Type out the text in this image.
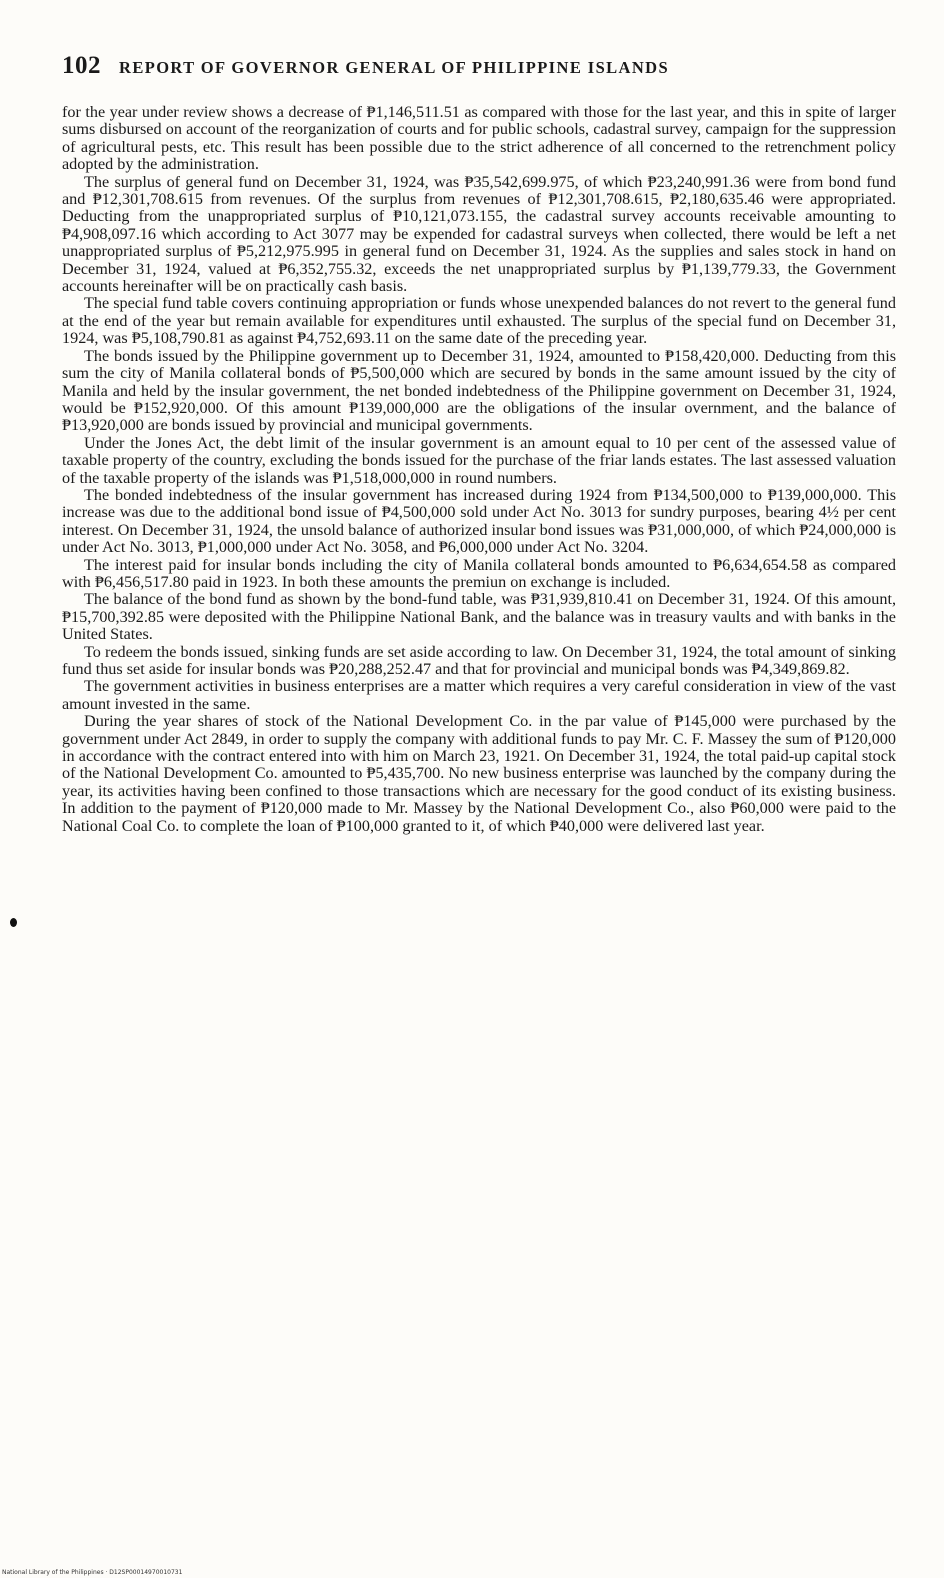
102 REPORT OF GOVERNOR GENERAL OF PHILIPPINE ISLANDS

for the year under review shows a decrease of ₱1,146,511.51 as compared with those for the last year, and this in spite of larger sums disbursed on account of the reorganization of courts and for public schools, cadastral survey, campaign for the suppression of agricultural pests, etc. This result has been possible due to the strict adherence of all concerned to the retrenchment policy adopted by the administration.

The surplus of general fund on December 31, 1924, was ₱35,542,699.975, of which ₱23,240,991.36 were from bond fund and ₱12,301,708.615 from revenues. Of the surplus from revenues of ₱12,301,708.615, ₱2,180,635.46 were appropriated. Deducting from the unappropriated surplus of ₱10,121,073.155, the cadastral survey accounts receivable amounting to ₱4,908,097.16 which according to Act 3077 may be expended for cadastral surveys when collected, there would be left a net unappropriated surplus of ₱5,212,975.995 in general fund on December 31, 1924. As the supplies and sales stock in hand on December 31, 1924, valued at ₱6,352,755.32, exceeds the net unappropriated surplus by ₱1,139,779.33, the Government accounts hereinafter will be on practically cash basis.

The special fund table covers continuing appropriation or funds whose unexpended balances do not revert to the general fund at the end of the year but remain available for expenditures until exhausted. The surplus of the special fund on December 31, 1924, was ₱5,108,790.81 as against ₱4,752,693.11 on the same date of the preceding year.

The bonds issued by the Philippine government up to December 31, 1924, amounted to ₱158,420,000. Deducting from this sum the city of Manila collateral bonds of ₱5,500,000 which are secured by bonds in the same amount issued by the city of Manila and held by the insular government, the net bonded indebtedness of the Philippine government on December 31, 1924, would be ₱152,920,000. Of this amount ₱139,000,000 are the obligations of the insular overnment, and the balance of ₱13,920,000 are bonds issued by provincial and municipal governments.

Under the Jones Act, the debt limit of the insular government is an amount equal to 10 per cent of the assessed value of taxable property of the country, excluding the bonds issued for the purchase of the friar lands estates. The last assessed valuation of the taxable property of the islands was ₱1,518,000,000 in round numbers.

The bonded indebtedness of the insular government has increased during 1924 from ₱134,500,000 to ₱139,000,000. This increase was due to the additional bond issue of ₱4,500,000 sold under Act No. 3013 for sundry purposes, bearing 4½ per cent interest. On December 31, 1924, the unsold balance of authorized insular bond issues was ₱31,000,000, of which ₱24,000,000 is under Act No. 3013, ₱1,000,000 under Act No. 3058, and ₱6,000,000 under Act No. 3204.

The interest paid for insular bonds including the city of Manila collateral bonds amounted to ₱6,634,654.58 as compared with ₱6,456,517.80 paid in 1923. In both these amounts the premiun on exchange is included.

The balance of the bond fund as shown by the bond-fund table, was ₱31,939,810.41 on December 31, 1924. Of this amount, ₱15,700,392.85 were deposited with the Philippine National Bank, and the balance was in treasury vaults and with banks in the United States.

To redeem the bonds issued, sinking funds are set aside according to law. On December 31, 1924, the total amount of sinking fund thus set aside for insular bonds was ₱20,288,252.47 and that for provincial and municipal bonds was ₱4,349,869.82.

The government activities in business enterprises are a matter which requires a very careful consideration in view of the vast amount invested in the same.

During the year shares of stock of the National Development Co. in the par value of ₱145,000 were purchased by the government under Act 2849, in order to supply the company with additional funds to pay Mr. C. F. Massey the sum of ₱120,000 in accordance with the contract entered into with him on March 23, 1921. On December 31, 1924, the total paid-up capital stock of the National Development Co. amounted to ₱5,435,700. No new business enterprise was launched by the company during the year, its activities having been confined to those transactions which are necessary for the good conduct of its existing business. In addition to the payment of ₱120,000 made to Mr. Massey by the National Development Co., also ₱60,000 were paid to the National Coal Co. to complete the loan of ₱100,000 granted to it, of which ₱40,000 were delivered last year.

National Library of the Philippines · D12SP00014970010731
